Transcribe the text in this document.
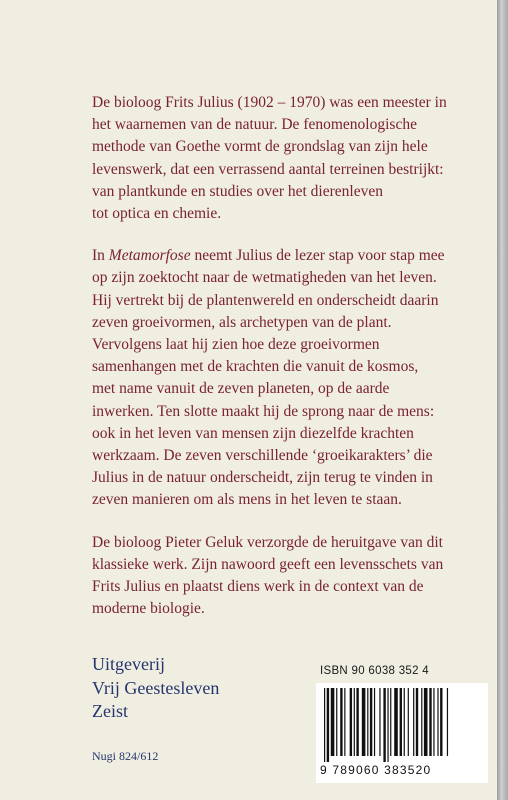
De bioloog Frits Julius (1902 – 1970) was een meester in
het waarnemen van de natuur. De fenomenologische
methode van Goethe vormt de grondslag van zijn hele
levenswerk, dat een verrassend aantal terreinen bestrijkt:
van plantkunde en studies over het dierenleven
tot optica en chemie.
In Metamorfose neemt Julius de lezer stap voor stap mee
op zijn zoektocht naar de wetmatigheden van het leven.
Hij vertrekt bij de plantenwereld en onderscheidt daarin
zeven groeivormen, als archetypen van de plant.
Vervolgens laat hij zien hoe deze groeivormen
samenhangen met de krachten die vanuit de kosmos,
met name vanuit de zeven planeten, op de aarde
inwerken. Ten slotte maakt hij de sprong naar de mens:
ook in het leven van mensen zijn diezelfde krachten
werkzaam. De zeven verschillende ‘groeikarakters’ die
Julius in de natuur onderscheidt, zijn terug te vinden in
zeven manieren om als mens in het leven te staan.
De bioloog Pieter Geluk verzorgde de heruitgave van dit
klassieke werk. Zijn nawoord geeft een levensschets van
Frits Julius en plaatst diens werk in de context van de
moderne biologie.
Uitgeverij
Vrij Geestesleven
Zeist
Nugi 824/612
ISBN 90 6038 352 4
9 789060 383520
